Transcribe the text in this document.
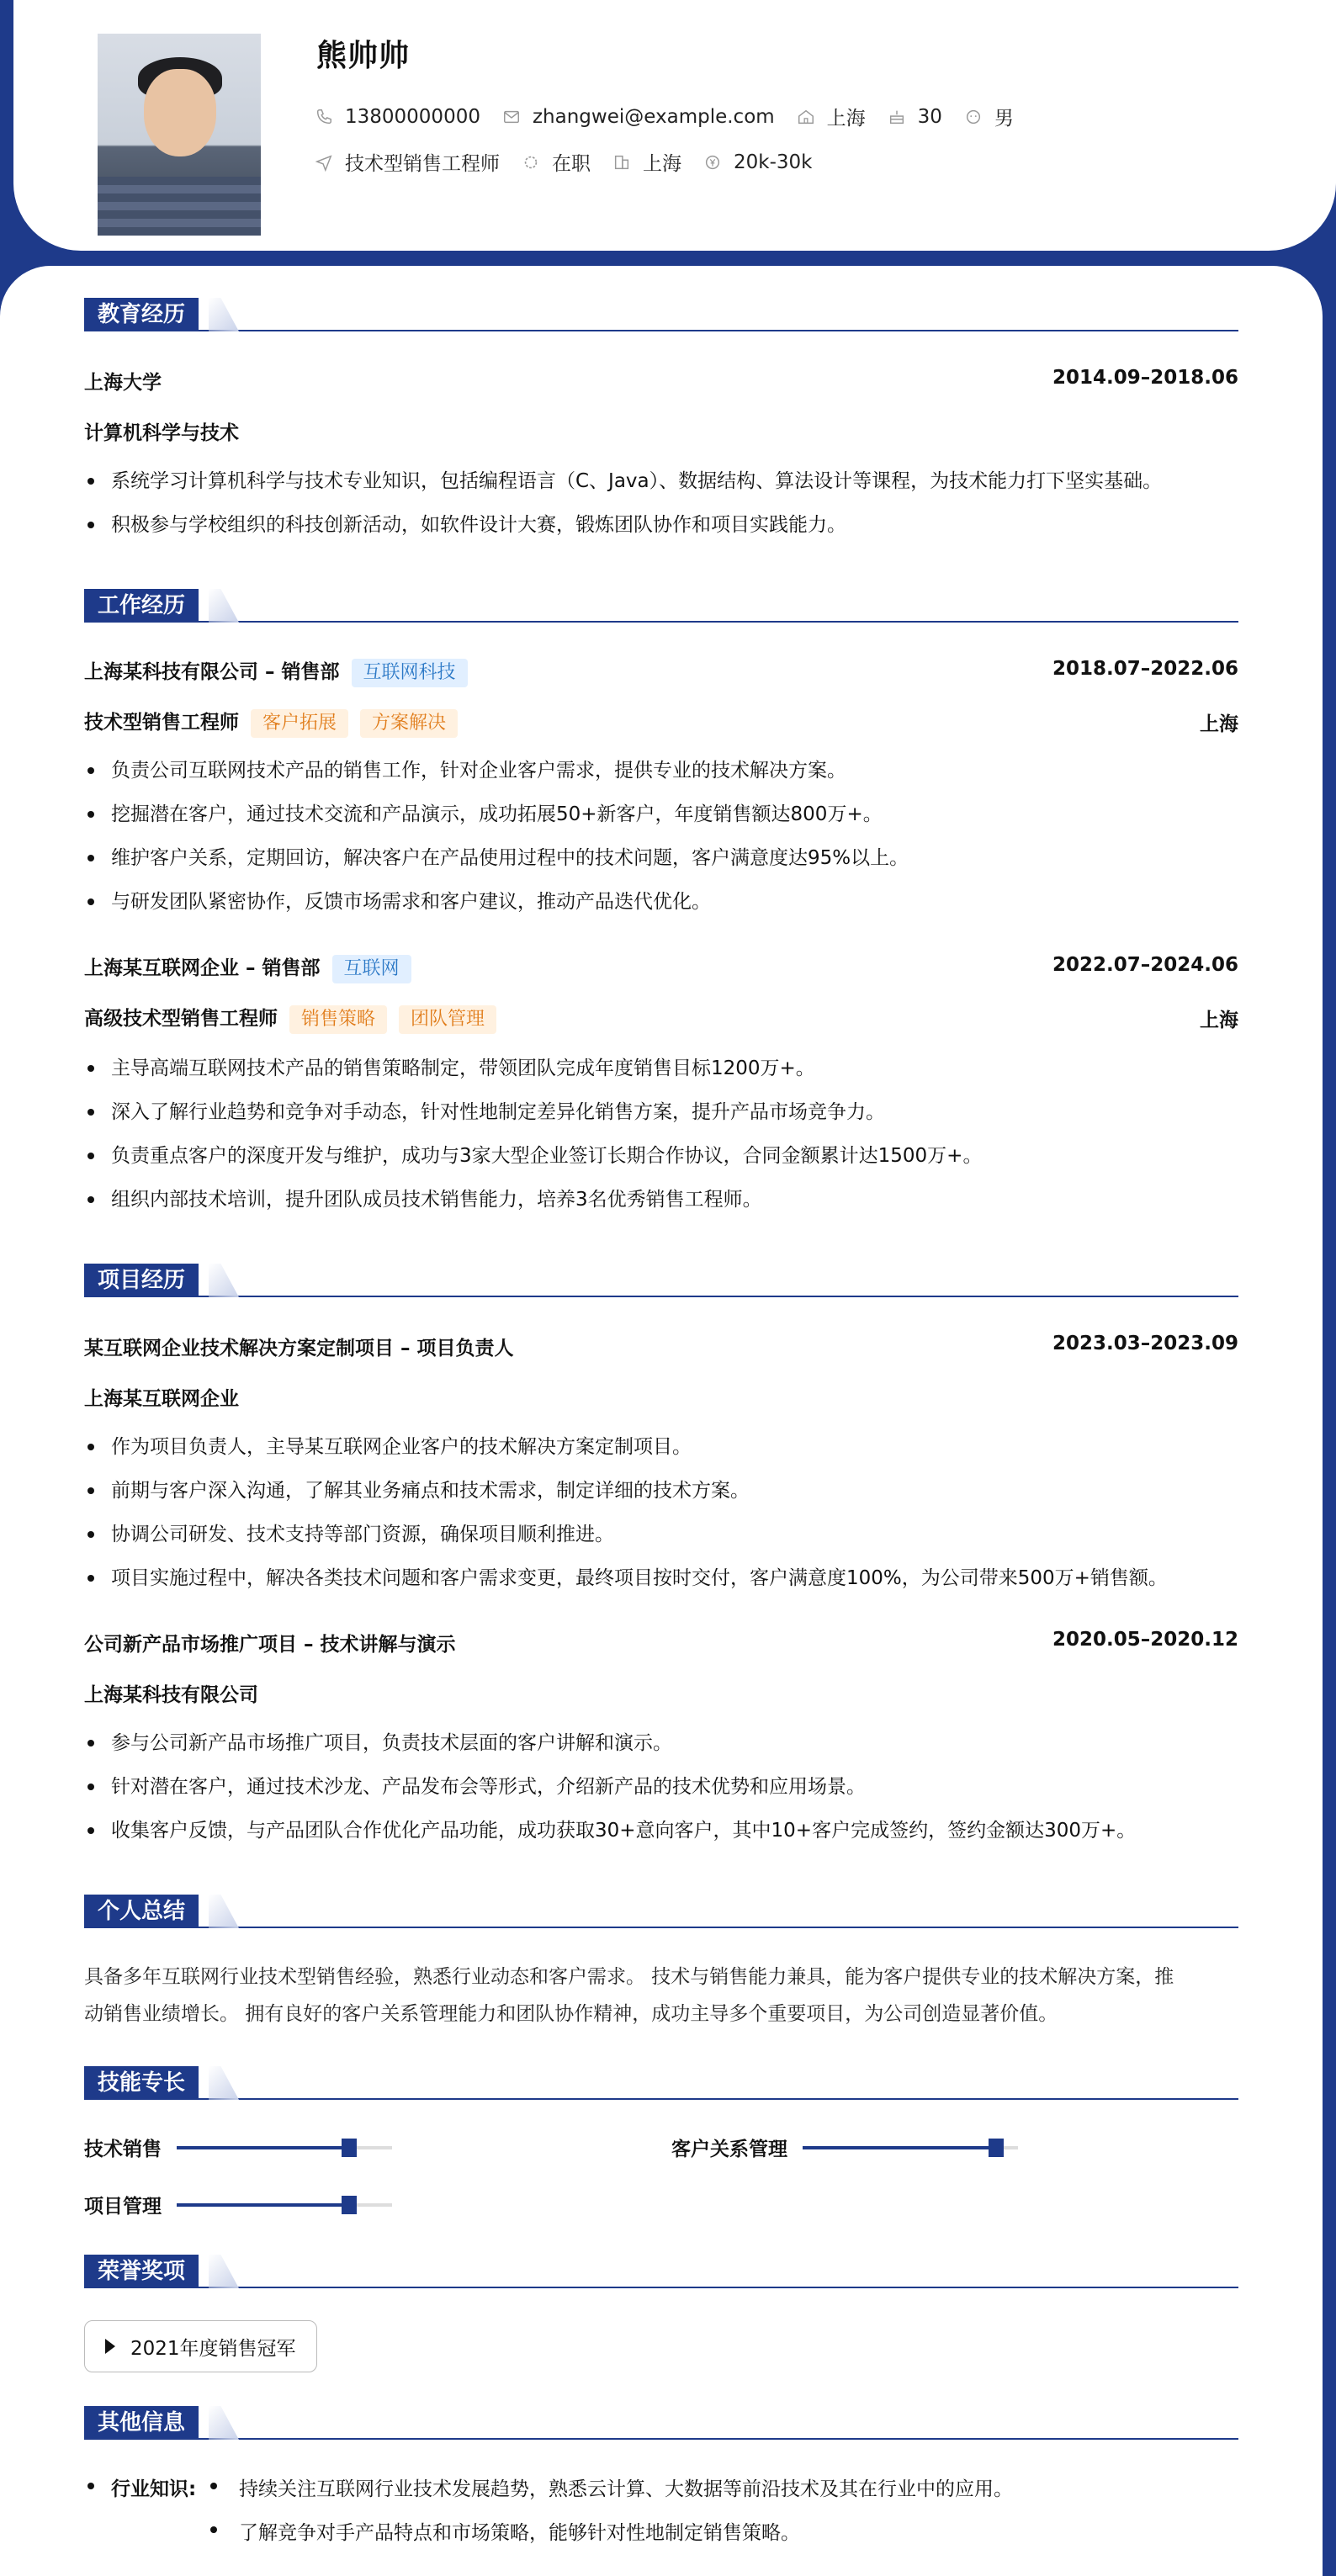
熊帅帅
13800000000	zhangwei@example.com	上海	30	男
技术型销售工程师	在职	上海	20k-30k
教育经历
上海大学	2014.09–2018.06
计算机科学与技术
系统学习计算机科学与技术专业知识，包括编程语言（C、Java）、数据结构、算法设计等课程，为技术能力打下坚实基础。
积极参与学校组织的科技创新活动，如软件设计大赛，锻炼团队协作和项目实践能力。
工作经历
上海某科技有限公司 – 销售部 互联网科技	2018.07–2022.06
技术型销售工程师 客户拓展 方案解决	上海
负责公司互联网技术产品的销售工作，针对企业客户需求，提供专业的技术解决方案。
挖掘潜在客户，通过技术交流和产品演示，成功拓展50+新客户，年度销售额达800万+。
维护客户关系，定期回访，解决客户在产品使用过程中的技术问题，客户满意度达95%以上。
与研发团队紧密协作，反馈市场需求和客户建议，推动产品迭代优化。
上海某互联网企业 – 销售部 互联网	2022.07–2024.06
高级技术型销售工程师 销售策略 团队管理	上海
主导高端互联网技术产品的销售策略制定，带领团队完成年度销售目标1200万+。
深入了解行业趋势和竞争对手动态，针对性地制定差异化销售方案，提升产品市场竞争力。
负责重点客户的深度开发与维护，成功与3家大型企业签订长期合作协议，合同金额累计达1500万+。
组织内部技术培训，提升团队成员技术销售能力，培养3名优秀销售工程师。
项目经历
某互联网企业技术解决方案定制项目 – 项目负责人	2023.03–2023.09
上海某互联网企业
作为项目负责人，主导某互联网企业客户的技术解决方案定制项目。
前期与客户深入沟通，了解其业务痛点和技术需求，制定详细的技术方案。
协调公司研发、技术支持等部门资源，确保项目顺利推进。
项目实施过程中，解决各类技术问题和客户需求变更，最终项目按时交付，客户满意度100%，为公司带来500万+销售额。
公司新产品市场推广项目 – 技术讲解与演示	2020.05–2020.12
上海某科技有限公司
参与公司新产品市场推广项目，负责技术层面的客户讲解和演示。
针对潜在客户，通过技术沙龙、产品发布会等形式，介绍新产品的技术优势和应用场景。
收集客户反馈，与产品团队合作优化产品功能，成功获取30+意向客户，其中10+客户完成签约，签约金额达300万+。
个人总结
具备多年互联网行业技术型销售经验，熟悉行业动态和客户需求。 技术与销售能力兼具，能为客户提供专业的技术解决方案，推
动销售业绩增长。 拥有良好的客户关系管理能力和团队协作精神，成功主导多个重要项目，为公司创造显著价值。
技能专长
技术销售	客户关系管理
项目管理
荣誉奖项
2021年度销售冠军
其他信息
行业知识: 持续关注互联网行业技术发展趋势，熟悉云计算、大数据等前沿技术及其在行业中的应用。
了解竞争对手产品特点和市场策略，能够针对性地制定销售策略。
